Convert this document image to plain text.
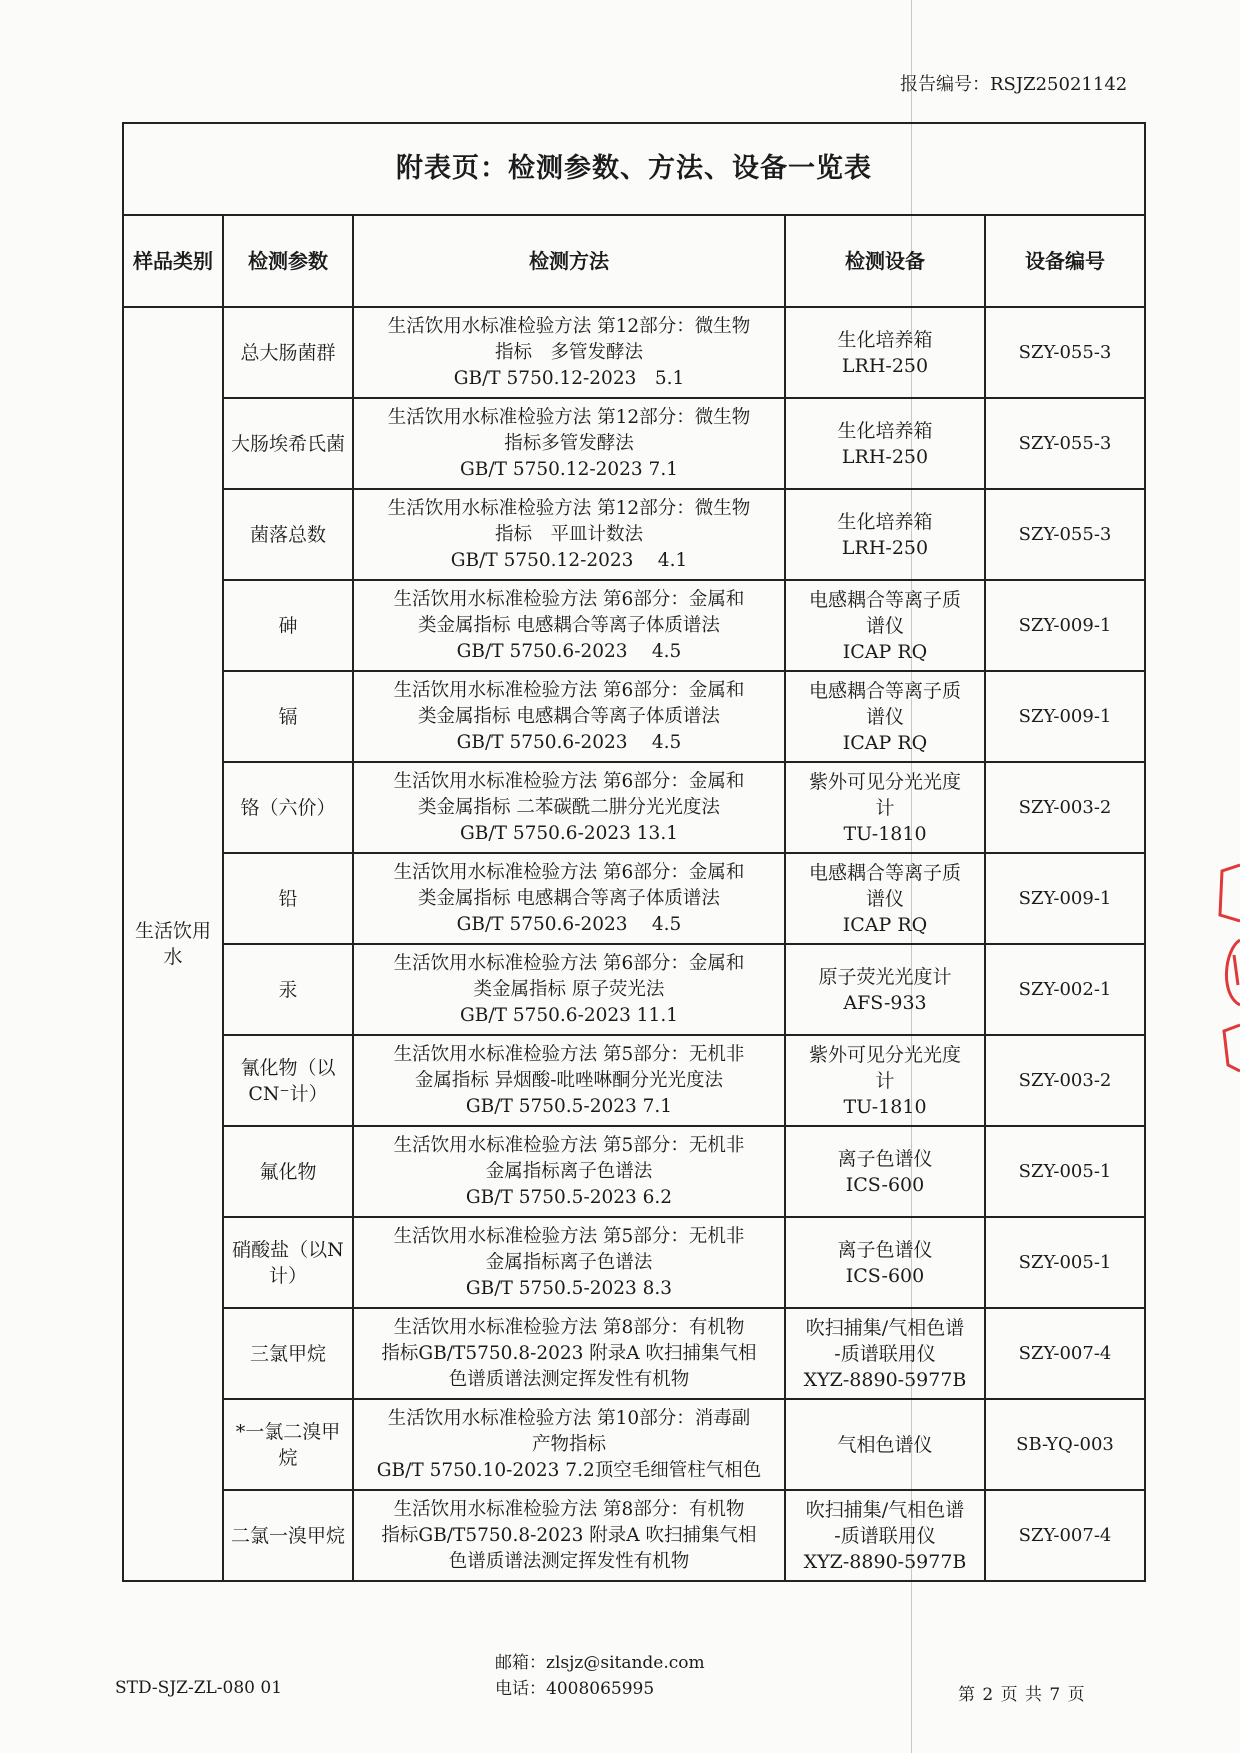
报告编号：RSJZ25021142
附表页：检测参数、方法、设备一览表				
样品类别	检测参数	检测方法	检测设备	设备编号
生活饮用水	总大肠菌群	生活饮用水标准检验方法 第12部分：微生物
指标　多管发酵法
GB/T 5750.12-2023　5.1	生化培养箱
LRH-250	SZY-055-3
	大肠埃希氏菌	生活饮用水标准检验方法 第12部分：微生物
指标多管发酵法
GB/T 5750.12-2023 7.1	生化培养箱
LRH-250	SZY-055-3
	菌落总数	生活饮用水标准检验方法 第12部分：微生物
指标　平皿计数法
GB/T 5750.12-2023　 4.1	生化培养箱
LRH-250	SZY-055-3
	砷	生活饮用水标准检验方法 第6部分：金属和
类金属指标 电感耦合等离子体质谱法
GB/T 5750.6-2023　 4.5	电感耦合等离子质
谱仪
ICAP RQ	SZY-009-1
	镉	生活饮用水标准检验方法 第6部分：金属和
类金属指标 电感耦合等离子体质谱法
GB/T 5750.6-2023　 4.5	电感耦合等离子质
谱仪
ICAP RQ	SZY-009-1
	铬（六价）	生活饮用水标准检验方法 第6部分：金属和
类金属指标 二苯碳酰二肼分光光度法
GB/T 5750.6-2023 13.1	紫外可见分光光度
计
TU-1810	SZY-003-2
	铅	生活饮用水标准检验方法 第6部分：金属和
类金属指标 电感耦合等离子体质谱法
GB/T 5750.6-2023　 4.5	电感耦合等离子质
谱仪
ICAP RQ	SZY-009-1
	汞	生活饮用水标准检验方法 第6部分：金属和
类金属指标 原子荧光法
GB/T 5750.6-2023 11.1	原子荧光光度计
AFS-933	SZY-002-1
	氰化物（以CN⁻计）	生活饮用水标准检验方法 第5部分：无机非
金属指标 异烟酸-吡唑啉酮分光光度法
GB/T 5750.5-2023 7.1	紫外可见分光光度
计
TU-1810	SZY-003-2
	氟化物	生活饮用水标准检验方法 第5部分：无机非
金属指标离子色谱法
GB/T 5750.5-2023 6.2	离子色谱仪
ICS-600	SZY-005-1
	硝酸盐（以N计）	生活饮用水标准检验方法 第5部分：无机非
金属指标离子色谱法
GB/T 5750.5-2023 8.3	离子色谱仪
ICS-600	SZY-005-1
	三氯甲烷	生活饮用水标准检验方法 第8部分：有机物
指标GB/T5750.8-2023 附录A 吹扫捕集气相
色谱质谱法测定挥发性有机物	吹扫捕集/气相色谱
-质谱联用仪
XYZ-8890-5977B	SZY-007-4
	*一氯二溴甲烷	生活饮用水标准检验方法 第10部分：消毒副
产物指标
GB/T 5750.10-2023 7.2顶空毛细管柱气相色	气相色谱仪	SB-YQ-003
	二氯一溴甲烷	生活饮用水标准检验方法 第8部分：有机物
指标GB/T5750.8-2023 附录A 吹扫捕集气相
色谱质谱法测定挥发性有机物	吹扫捕集/气相色谱
-质谱联用仪
XYZ-8890-5977B	SZY-007-4
STD-SJZ-ZL-080 01
邮箱：zlsjz@sitande.com
电话：4008065995	第 2 页 共 7 页
